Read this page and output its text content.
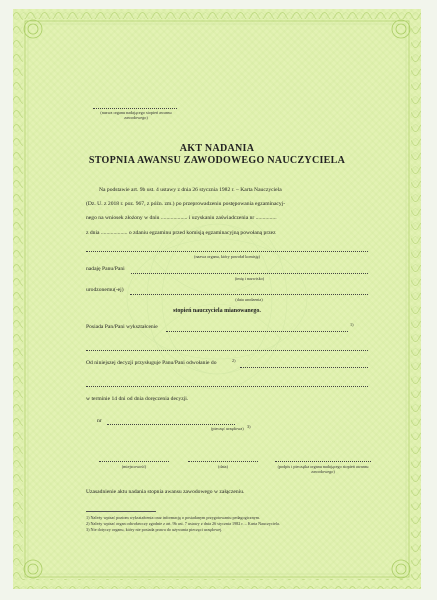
(nazwa organu nadającego stopień awansu zawodowego)
AKT NADANIA
STOPNIA AWANSU ZAWODOWEGO NAUCZYCIELA
Na podstawie art. 9b ust. 4 ustawy z dnia 26 stycznia 1982 r. – Karta Nauczyciela
(Dz. U. z 2018 r. poz. 967, z późn. zm.) po przeprowadzeniu postępowania egzaminacyj-
nego na wniosek złożony w dniu ................... i uzyskaniu zaświadczenia nr ...............
z dnia ................... o zdaniu egzaminu przed komisją egzaminacyjną powołaną przez
(nazwa organu, który powołał komisję)
nadaję Panu/Pani
(imię i nazwisko)
urodzonemu(-ej)
(data urodzenia)
stopień nauczyciela mianowanego.
Posiada Pan/Pani wykształcenie	1)
Od niniejszej decyzji przysługuje Panu/Pani odwołanie do	2)
w terminie 14 dni od dnia doręczenia decyzji.
nr
(pieczęć urzędowa) 3)
(miejscowość)	(data)	(podpis i pieczątka organu nadającego stopień awansu zawodowego)
Uzasadnienie aktu nadania stopnia awansu zawodowego w załączeniu.
1) Należy wpisać poziom wykształcenia oraz informację o posiadanym przygotowaniu pedagogicznym.
2) Należy wpisać organ odwoławczy zgodnie z art. 9b ust. 7 ustawy z dnia 26 stycznia 1982 r. – Karta Nauczyciela.
3) Nie dotyczy organu, który nie posiada prawa do używania pieczęci urzędowej.
